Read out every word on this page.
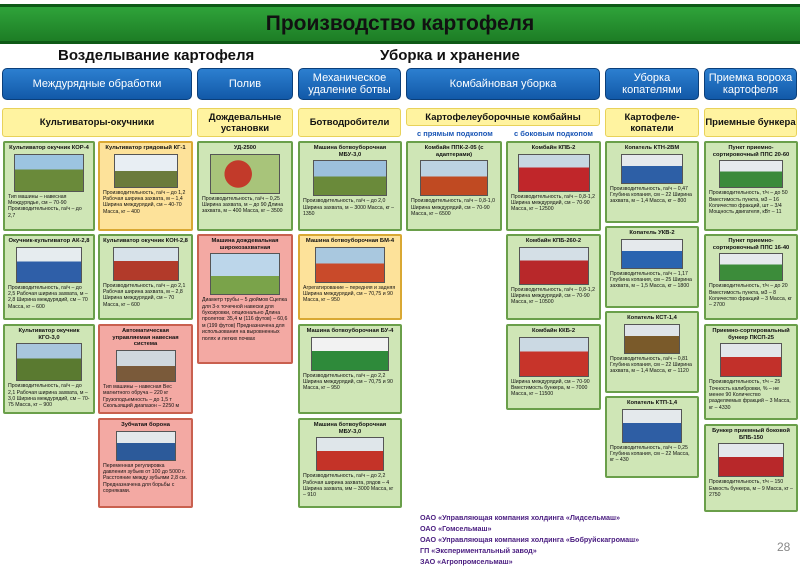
Производство картофеля
Возделывание картофеля	Уборка и хранение
Междурядные обработки	Полив	Механическое удаление ботвы	Комбайновая уборка	Уборка копателями
Приемка вороха картофеля
Культиваторы-окучники	Дождевальные установки	Ботводробители	Картофелеуборочные комбайны	Картофеле-копатели	Приемные бункера
с прямым подкопом	с боковым подкопом
Культиватор окучник КОР-4
Тип машины – навесная Междурядье, см – 70-90 Производительность, га/ч – до 2,7
Культиватор грядовый КГ-1
Производительность, га/ч – до 1,2 Рабочая ширина захвата, м – 1,4 Ширина междурядий, см – 40-70 Масса, кг – 400
Окучник-культиватор АК-2,8
Производительность, га/ч – до 2,5 Рабочая ширина захвата, м – 2,8 Ширина междурядий, см – 70 Масса, кг – 600
Культиватор окучник КОН-2,8
Производительность, га/ч – до 2,1 Рабочая ширина захвата, м – 2,8 Ширина междурядий, см – 70 Масса, кг – 600
Культиватор окучник КГО-3,0
Производительность, га/ч – до 2,1 Рабочая ширина захвата, м – 3,0 Ширина междурядий, см – 70-75 Масса, кг – 900
Автоматическая управляемая навесная система
Тип машины – навесная Вес магнитного обруча – 220 кг Грузоподъемность – до 1,5 т Скользящий диапазон – 2250 м
Зубчатая борона
Переменная регулировка давления зубьев от 100 до 5000 г. Расстояние между зубьями 2,8 см. Предназначена для борьбы с сорняками.
УД-2500
Производительность, га/ч – 0,25 Ширина захвата, м – до 90 Длина захвата, м – 400 Масса, кг – 3500
Машина дождевальная широкозахватная
Диаметр трубы – 5 дюймов Сцепка для 3-х точечной навески для буксировки, опционально Длина пролетов: 35,4 м (116 футов) – 60,6 м (199 футов) Предназначена для использования на выровненных полях и легких почвах
Машина ботвоуборочная МБУ-3,0
Производительность, га/ч – до 2,0 Ширина захвата, м – 3000 Масса, кг – 1350
Машина ботвоуборочная БМ-4
Агрегатирование – передняя и задняя Ширина междурядий, см – 70,75 и 90 Масса, кг – 950
Машина ботвоуборочная БУ-4
Производительность, га/ч – до 2,2 Ширина междурядий, см – 70,75 и 90 Масса, кг – 950
Машина ботвоуборочная МБУ-3,0
Производительность, га/ч – до 2,2 Рабочая ширина захвата, рядов – 4 Ширина захвата, мм – 3000 Масса, кг – 910
Комбайн ППК-2-05 (с адаптерами)
Производительность, га/ч – 0,8-1,0 Ширина междурядий, см – 70-90 Масса, кг – 6500
Комбайн КПБ-2
Производительность, га/ч – 0,8-1,2 Ширина междурядий, см – 70-90 Масса, кг – 12500
Комбайн КПБ-260-2
Производительность, га/ч – 0,8-1,2 Ширина междурядий, см – 70-90 Масса, кг – 10500
Комбайн ККБ-2
Ширина междурядий, см – 70-90 Вместимость бункера, м – 7000 Масса, кг – 11500
Копатель КТН-2ВМ
Производительность, га/ч – 0,47 Глубина копания, см – 22 Ширина захвата, м – 1,4 Масса, кг – 800
Копатель УКВ-2
Производительность, га/ч – 1,17 Глубина копания, см – 25 Ширина захвата, м – 1,5 Масса, кг – 1800
Копатель КСТ-1,4
Производительность, га/ч – 0,81 Глубина копания, см – 22 Ширина захвата, м – 1,4 Масса, кг – 1120
Копатель КТП-1,4
Производительность, га/ч – 0,25 Глубина копания, см – 22 Масса, кг – 430
Пункт приемно-сортировочный ППС 20-60
Производительность, т/ч – до 50 Вместимость пункта, м3 – 16 Количество фракций, шт – 3/4 Мощность двигателя, кВт – 11
Пункт приемно-сортировочный ППС 16-40
Производительность, т/ч – до 20 Вместимость пункта, м3 – 8 Количество фракций – 3 Масса, кг – 2700
Приемно-сортировальный бункер ПКСП-25
Производительность, т/ч – 25 Точность калибровки, % – не менее 90 Количество разделяемых фракций – 3 Масса, кг – 4330
Бункер приемный боковой БПБ-150
Производительность, т/ч – 150 Емкость бункера, м – 9 Масса, кг – 2750
ОАО «Управляющая компания холдинга «Лидсельмаш»
ОАО «Гомсельмаш»
ОАО «Управляющая компания холдинга «Бобруйскагромаш»
ГП «Экспериментальный завод»
ЗАО «Агропромсельмаш»
28
